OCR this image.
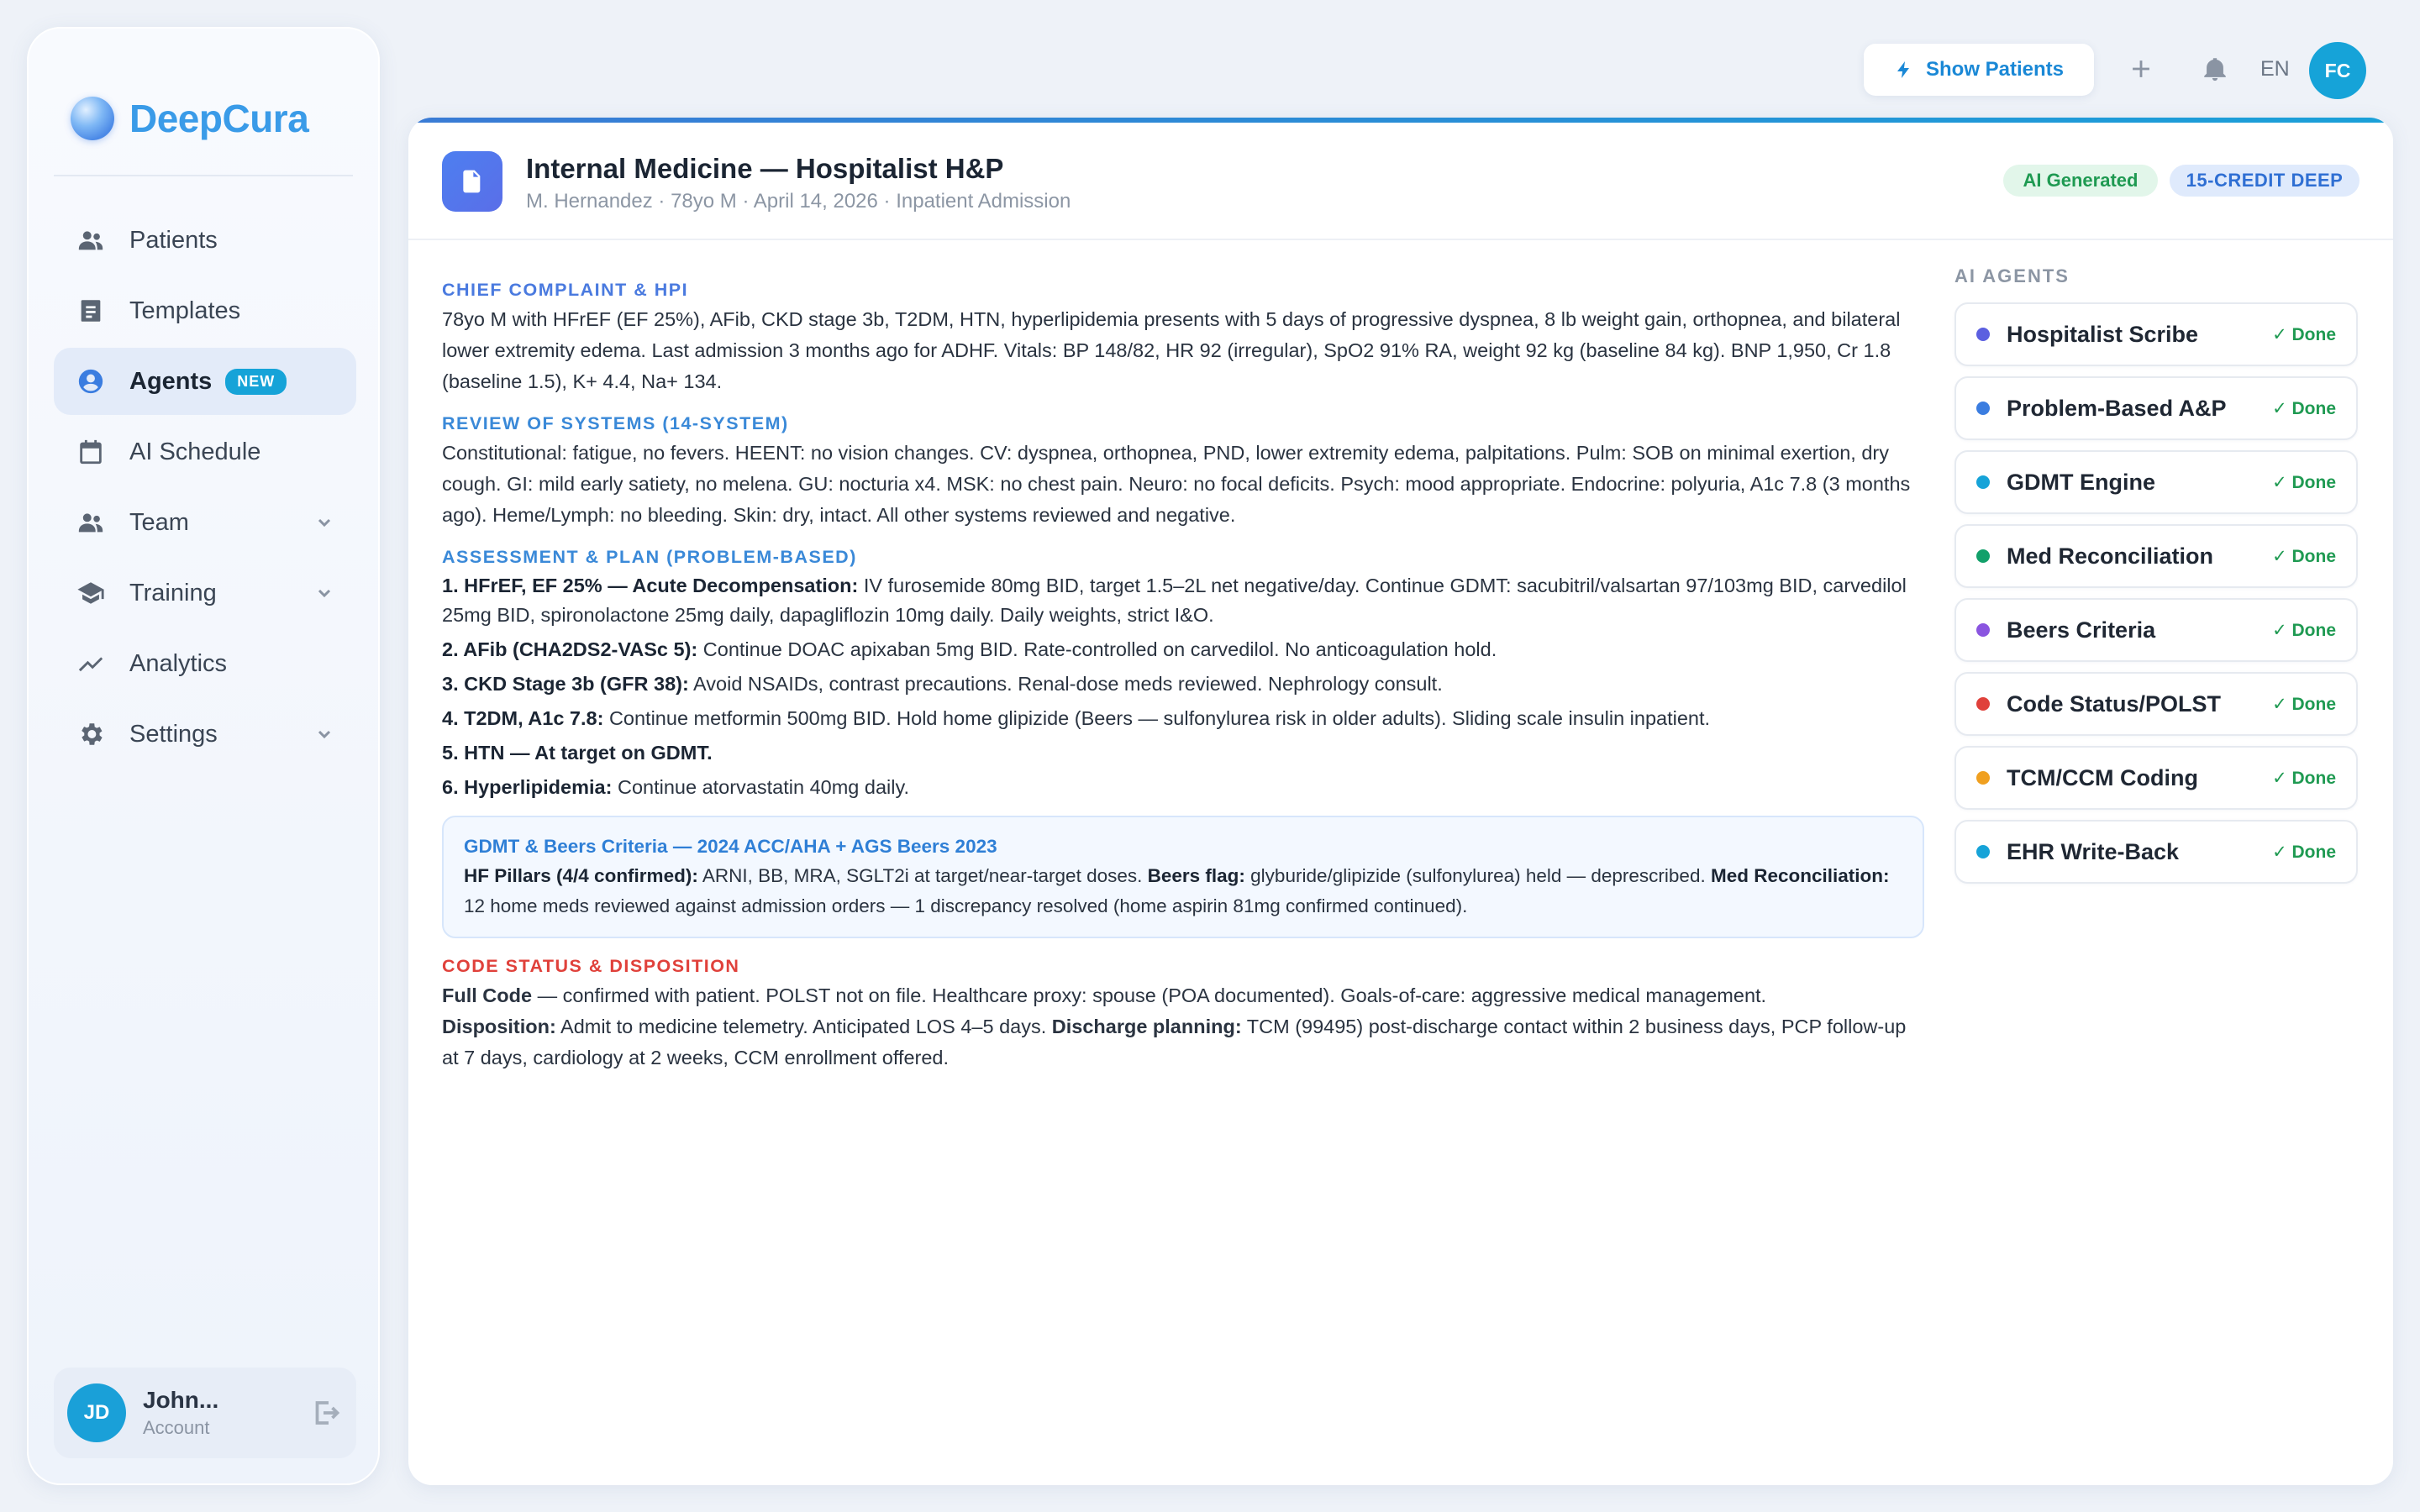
DeepCura
Patients
Templates
Agents	NEW
AI Schedule
Team
Training
Analytics
Settings
JD	John...
Account
Show Patients	EN	FC
Internal Medicine — Hospitalist H&P
M. Hernandez · 78yo M · April 14, 2026 · Inpatient Admission
AI Generated	15-CREDIT DEEP
CHIEF COMPLAINT & HPI
78yo M with HFrEF (EF 25%), AFib, CKD stage 3b, T2DM, HTN, hyperlipidemia presents with 5 days of progressive dyspnea, 8 lb weight gain, orthopnea, and bilateral lower extremity edema. Last admission 3 months ago for ADHF. Vitals: BP 148/82, HR 92 (irregular), SpO2 91% RA, weight 92 kg (baseline 84 kg). BNP 1,950, Cr 1.8 (baseline 1.5), K+ 4.4, Na+ 134.
REVIEW OF SYSTEMS (14-SYSTEM)
Constitutional: fatigue, no fevers. HEENT: no vision changes. CV: dyspnea, orthopnea, PND, lower extremity edema, palpitations. Pulm: SOB on minimal exertion, dry cough. GI: mild early satiety, no melena. GU: nocturia x4. MSK: no chest pain. Neuro: no focal deficits. Psych: mood appropriate. Endocrine: polyuria, A1c 7.8 (3 months ago). Heme/Lymph: no bleeding. Skin: dry, intact. All other systems reviewed and negative.
ASSESSMENT & PLAN (PROBLEM-BASED)
1. HFrEF, EF 25% — Acute Decompensation: IV furosemide 80mg BID, target 1.5–2L net negative/day. Continue GDMT: sacubitril/valsartan 97/103mg BID, carvedilol 25mg BID, spironolactone 25mg daily, dapagliflozin 10mg daily. Daily weights, strict I&O.
2. AFib (CHA2DS2-VASc 5): Continue DOAC apixaban 5mg BID. Rate-controlled on carvedilol. No anticoagulation hold.
3. CKD Stage 3b (GFR 38): Avoid NSAIDs, contrast precautions. Renal-dose meds reviewed. Nephrology consult.
4. T2DM, A1c 7.8: Continue metformin 500mg BID. Hold home glipizide (Beers — sulfonylurea risk in older adults). Sliding scale insulin inpatient.
5. HTN — At target on GDMT.
6. Hyperlipidemia: Continue atorvastatin 40mg daily.
GDMT & Beers Criteria — 2024 ACC/AHA + AGS Beers 2023
HF Pillars (4/4 confirmed): ARNI, BB, MRA, SGLT2i at target/near-target doses. Beers flag: glyburide/glipizide (sulfonylurea) held — deprescribed. Med Reconciliation: 12 home meds reviewed against admission orders — 1 discrepancy resolved (home aspirin 81mg confirmed continued).
CODE STATUS & DISPOSITION
Full Code — confirmed with patient. POLST not on file. Healthcare proxy: spouse (POA documented). Goals-of-care: aggressive medical management.
Disposition: Admit to medicine telemetry. Anticipated LOS 4–5 days. Discharge planning: TCM (99495) post-discharge contact within 2 business days, PCP follow-up at 7 days, cardiology at 2 weeks, CCM enrollment offered.
AI AGENTS
Hospitalist Scribe	✓ Done
Problem-Based A&P	✓ Done
GDMT Engine	✓ Done
Med Reconciliation	✓ Done
Beers Criteria	✓ Done
Code Status/POLST	✓ Done
TCM/CCM Coding	✓ Done
EHR Write-Back	✓ Done
